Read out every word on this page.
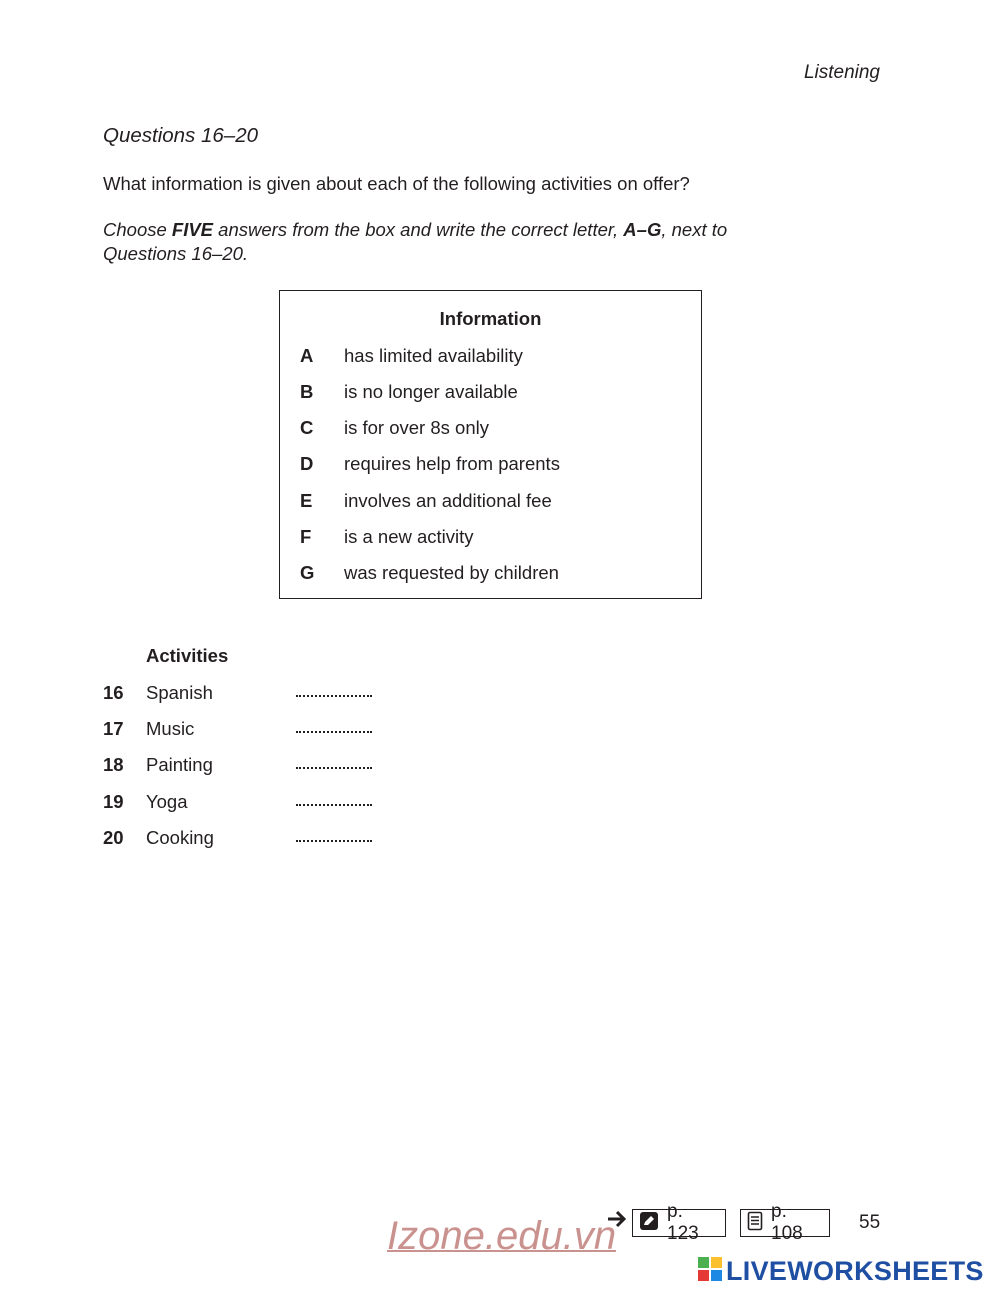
Listening
Questions 16–20
What information is given about each of the following activities on offer?
Choose FIVE answers from the box and write the correct letter, A–G, next to Questions 16–20.
Information
A	has limited availability
B	is no longer available
C	is for over 8s only
D	requires help from parents
E	involves an additional fee
F	is a new activity
G	was requested by children
Activities
16	Spanish
17	Music
18	Painting
19	Yoga
20	Cooking
Izone.edu.vn
p. 123
p. 108
55
LIVEWORKSHEETS
